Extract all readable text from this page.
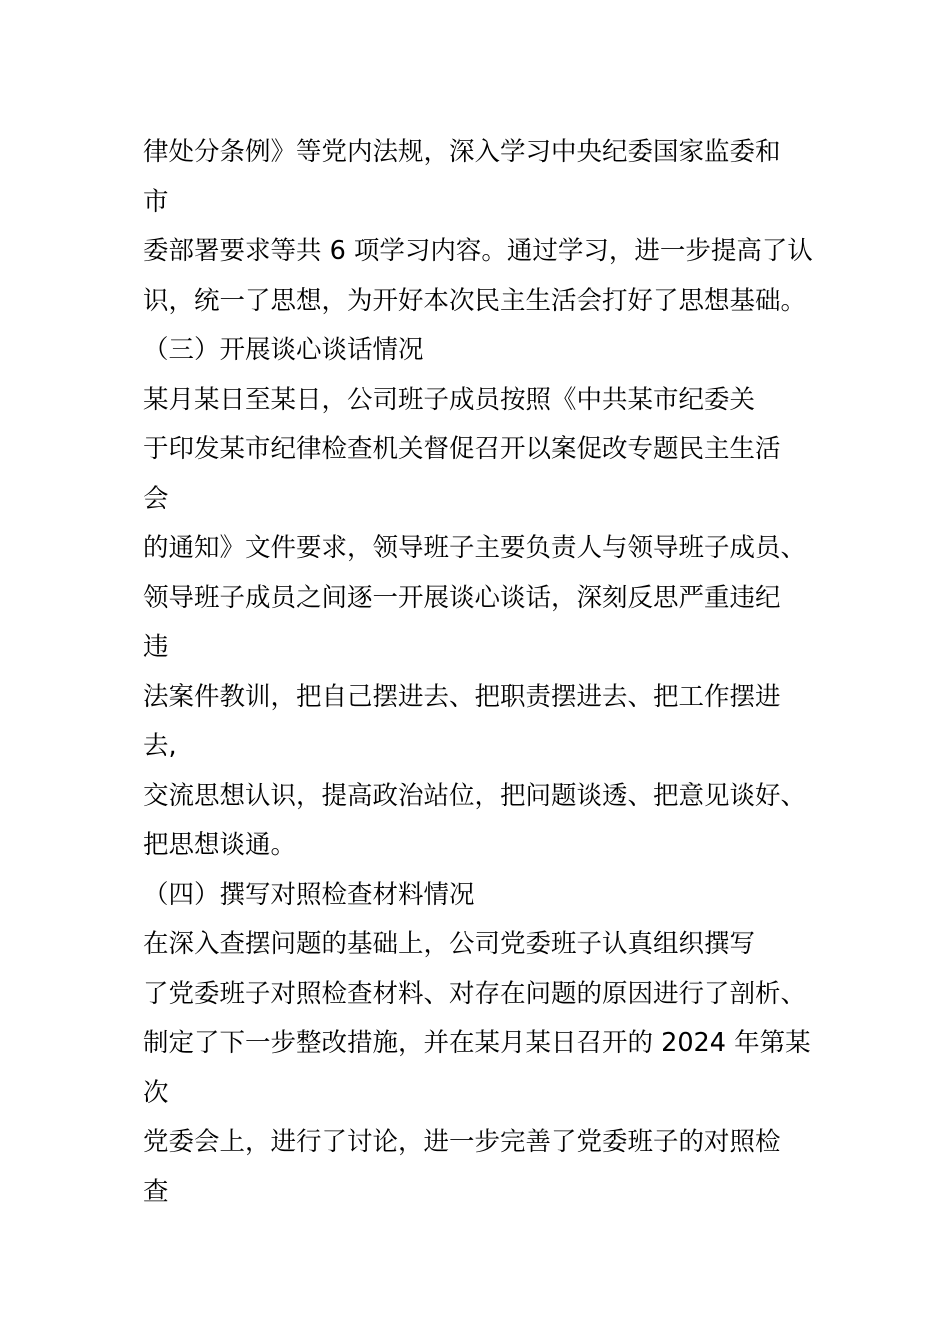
律处分条例》等党内法规，深入学习中央纪委国家监委和
市
委部署要求等共 6 项学习内容。通过学习，进一步提高了认
识，统一了思想，为开好本次民主生活会打好了思想基础。
（三）开展谈心谈话情况
某月某日至某日，公司班子成员按照《中共某市纪委关
于印发某市纪律检查机关督促召开以案促改专题民主生活
会
的通知》文件要求，领导班子主要负责人与领导班子成员、
领导班子成员之间逐一开展谈心谈话，深刻反思严重违纪
违
法案件教训，把自己摆进去、把职责摆进去、把工作摆进
去,
交流思想认识，提高政治站位，把问题谈透、把意见谈好、
把思想谈通。
（四）撰写对照检查材料情况
在深入查摆问题的基础上，公司党委班子认真组织撰写
了党委班子对照检查材料、对存在问题的原因进行了剖析、
制定了下一步整改措施，并在某月某日召开的 2024 年第某
次
党委会上，进行了讨论，进一步完善了党委班子的对照检
查
